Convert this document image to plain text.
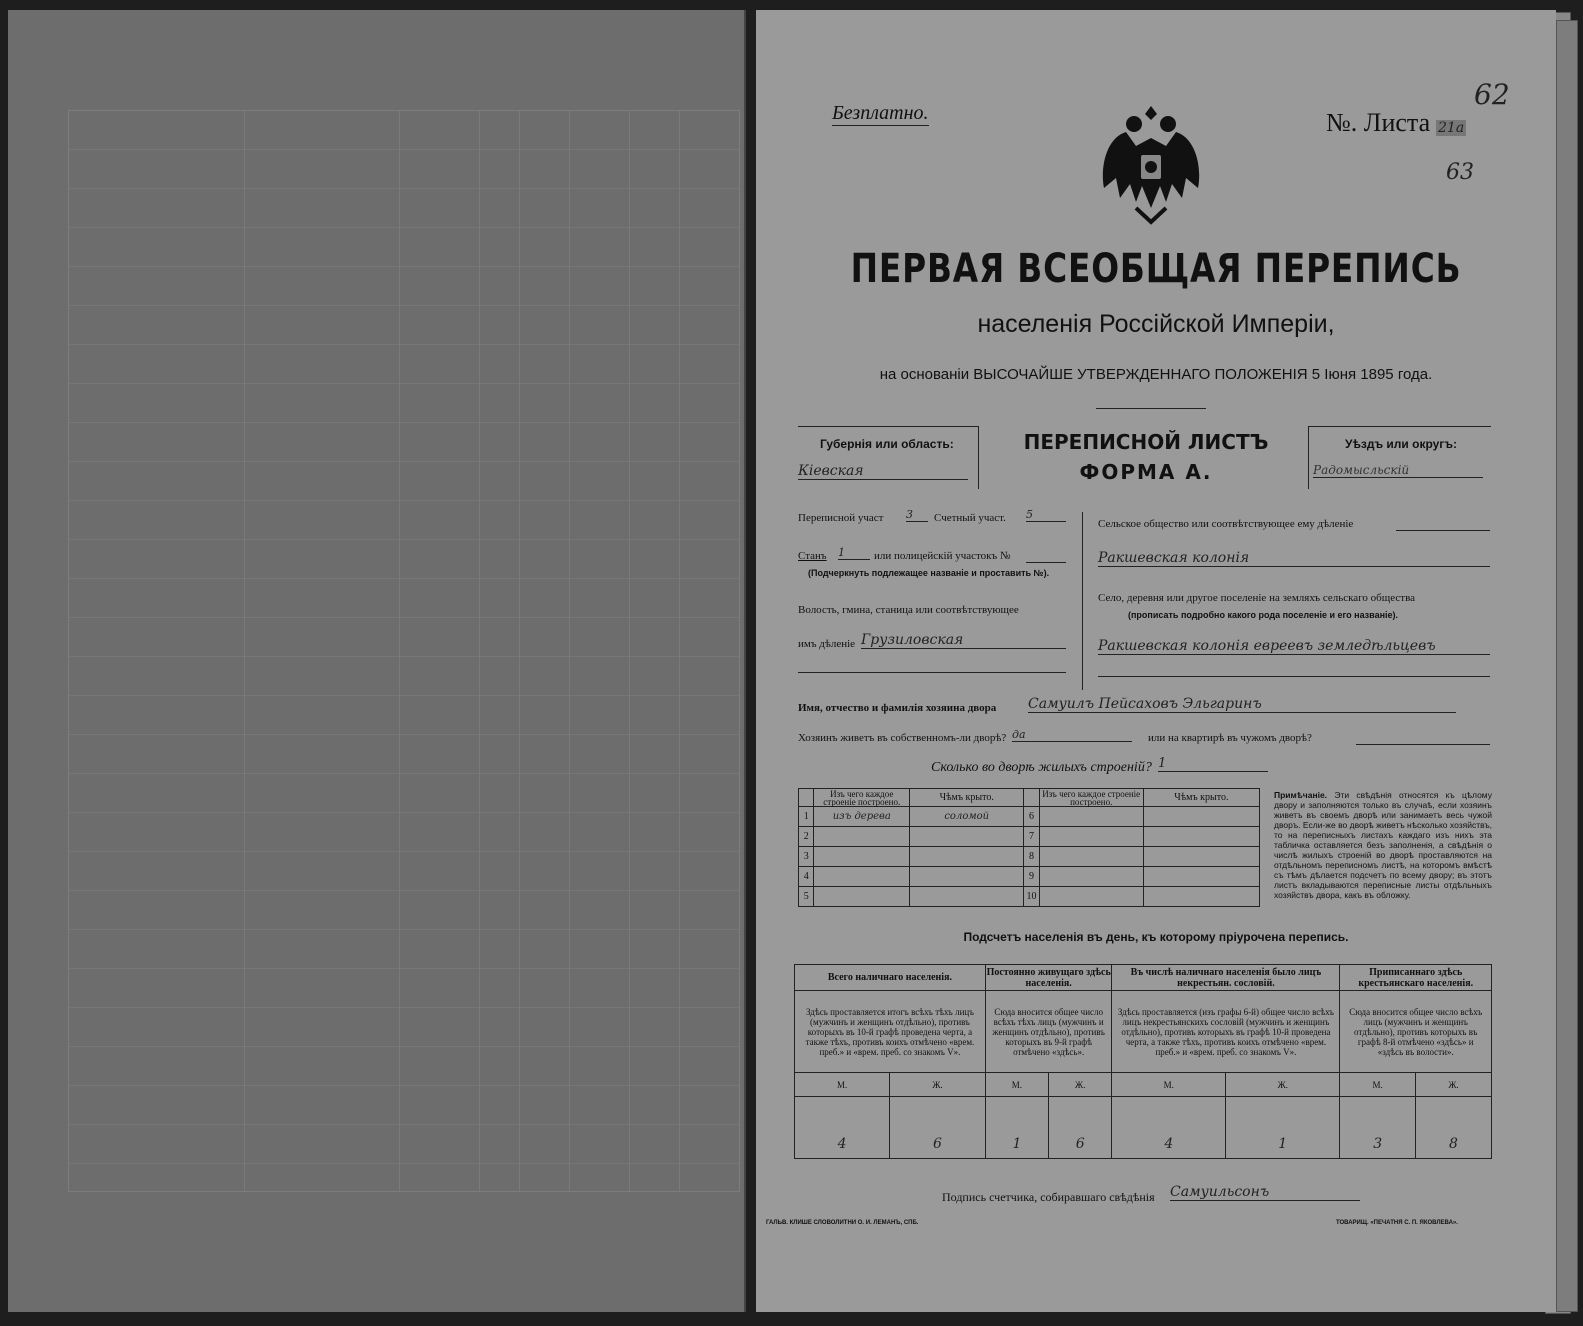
Безплатно.	№. Листа 21a
62
63
ПЕРВАЯ ВСЕОБЩАЯ ПЕРЕПИСЬ
населенія Россійской Имперіи,
на основаніи ВЫСОЧАЙШЕ УТВЕРЖДЕННАГО ПОЛОЖЕНІЯ 5 Іюня 1895 года.
Губернія или область:
Кіевская
ПЕРЕПИСНОЙ ЛИСТЪ
ФОРМА А.
Уѣздъ или округъ:
Радомысльскій
Переписной участ 3	Счетный участ. 5
Станъ 1	или полицейскій участокъ №
(Подчеркнуть подлежащее названіе и проставить №).
Волость, гмина, станица или соотвѣтствующее
имъ дѣленіе Грузиловская
Сельское общество или соотвѣтствующее ему дѣленіе
Ракшевская колонія
Село, деревня или другое поселеніе на земляхъ сельскаго общества
(прописать подробно какого рода поселеніе и его названіе).
Ракшевская колонія евреевъ земледѣльцевъ
Имя, отчество и фамилія хозяина двора Самуилъ Пейсаховъ Эльгаринъ
Хозяинъ живетъ въ собственномъ-ли дворѣ? да	или на квартирѣ въ чужомъ дворѣ?
Сколько во дворѣ жилыхъ строеній? 1
	Изъ чего каждое строеніе построено.	Чѣмъ крыто.		Изъ чего каждое строеніе построено.	Чѣмъ крыто.
1	изъ дерева	соломой	6		
2			7		
3			8		
4			9		
5			10		
Примѣчаніе. Эти свѣдѣнія относятся къ цѣлому двору и заполняются только въ случаѣ, если хозяинъ живетъ въ своемъ дворѣ или занимаетъ весь чужой дворъ. Если-же во дворѣ живетъ нѣсколько хозяйствъ, то на переписныхъ листахъ каждаго изъ нихъ эта табличка оставляется безъ заполненія, а свѣдѣнія о числѣ жилыхъ строеній во дворѣ проставляются на отдѣльномъ переписномъ листѣ, на которомъ вмѣстѣ съ тѣмъ дѣлается подсчетъ по всему двору; въ этотъ листъ вкладываются переписные листы отдѣльныхъ хозяйствъ двора, какъ въ обложку.
Подсчетъ населенія въ день, къ которому пріурочена перепись.
Всего наличнаго населенія.		Постоянно живущаго здѣсь населенія.		Въ числѣ наличнаго населенія было лицъ некрестьян. сословій.		Приписаннаго здѣсь крестьянскаго населенія.	
Здѣсь проставляется итогъ всѣхъ тѣхъ лицъ (мужчинъ и женщинъ отдѣльно), противъ которыхъ въ 10-й графѣ проведена черта, а также тѣхъ, противъ коихъ отмѣчено «врем. преб.» и «врем. преб. со знакомъ V».		Сюда вносится общее число всѣхъ тѣхъ лицъ (мужчинъ и женщинъ отдѣльно), противъ которыхъ въ 9-й графѣ отмѣчено «здѣсь».		Здѣсь проставляется (изъ графы 6-й) общее число всѣхъ лицъ некрестьянскихъ сословій (мужчинъ и женщинъ отдѣльно), противъ которыхъ въ графѣ 10-й проведена черта, а также тѣхъ, противъ коихъ отмѣчено «врем. преб.» и «врем. преб. со знакомъ V».		Сюда вносится общее число всѣхъ лицъ (мужчинъ и женщинъ отдѣльно), противъ которыхъ въ графѣ 8-й отмѣчено «здѣсь» и «здѣсь въ волости».	
М.	Ж.	М.	Ж.	М.	Ж.	М.	Ж.
4	6	1	6	4	1	3	8
Подпись счетчика, собиравшаго свѣдѣнія Самуильсонъ
ГАЛЬВ. КЛИШЕ СЛОВОЛИТНИ О. И. ЛЕМАНЪ, СПБ.	ТОВАРИЩ. «ПЕЧАТНЯ С. П. ЯКОВЛЕВА».
